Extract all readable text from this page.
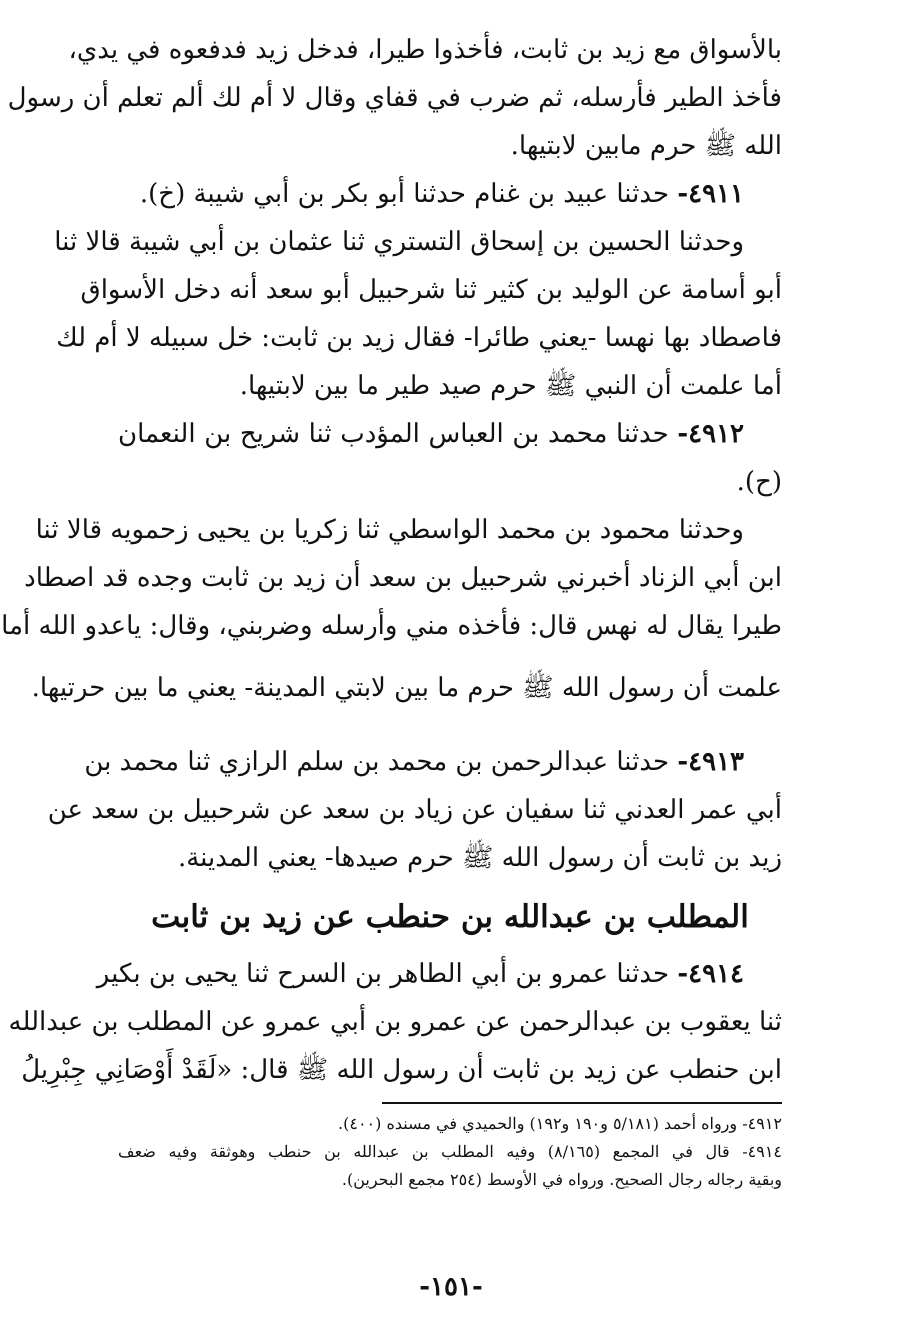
بالأسواق مع زيد بن ثابت، فأخذوا طيرا، فدخل زيد فدفعوه في يدي،
فأخذ الطير فأرسله، ثم ضرب في قفاي وقال لا أم لك ألم تعلم أن رسول
الله ﷺ حرم مابين لابتيها.
٤٩١١- حدثنا عبيد بن غنام حدثنا أبو بكر بن أبي شيبة (خ).
وحدثنا الحسين بن إسحاق التستري ثنا عثمان بن أبي شيبة قالا ثنا
أبو أسامة عن الوليد بن كثير ثنا شرحبيل أبو سعد أنه دخل الأسواق
فاصطاد بها نهسا -يعني طائرا- فقال زيد بن ثابت: خل سبيله لا أم لك
أما علمت أن النبي ﷺ حرم صيد طير ما بين لابتيها.
٤٩١٢- حدثنا محمد بن العباس المؤدب ثنا شريح بن النعمان
(ح).
وحدثنا محمود بن محمد الواسطي ثنا زكريا بن يحيى زحمويه قالا ثنا
ابن أبي الزناد أخبرني شرحبيل بن سعد أن زيد بن ثابت وجده قد اصطاد
طيرا يقال له نهس قال: فأخذه مني وأرسله وضربني، وقال: ياعدو الله أما
علمت أن رسول الله ﷺ حرم ما بين لابتي المدينة- يعني ما بين حرتيها.
٤٩١٣- حدثنا عبدالرحمن بن محمد بن سلم الرازي ثنا محمد بن
أبي عمر العدني ثنا سفيان عن زياد بن سعد عن شرحبيل بن سعد عن
زيد بن ثابت أن رسول الله ﷺ حرم صيدها- يعني المدينة.
المطلب بن عبدالله بن حنطب عن زيد بن ثابت
٤٩١٤- حدثنا عمرو بن أبي الطاهر بن السرح ثنا يحيى بن بكير
ثنا يعقوب بن عبدالرحمن عن عمرو بن أبي عمرو عن المطلب بن عبدالله
ابن حنطب عن زيد بن ثابت أن رسول الله ﷺ قال: «لَقَدْ أَوْصَانِي جِبْرِيلُ
٤٩١٢- ورواه أحمد (٥/١٨١ و١٩٠ و١٩٢) والحميدي في مسنده (٤٠٠).
٤٩١٤- قال في المجمع (٨/١٦٥) وفيه المطلب بن عبدالله بن حنطب وهوثقة وفيه ضعف
وبقية رجاله رجال الصحيح. ورواه في الأوسط (٢٥٤ مجمع البحرين).
-١٥١-
